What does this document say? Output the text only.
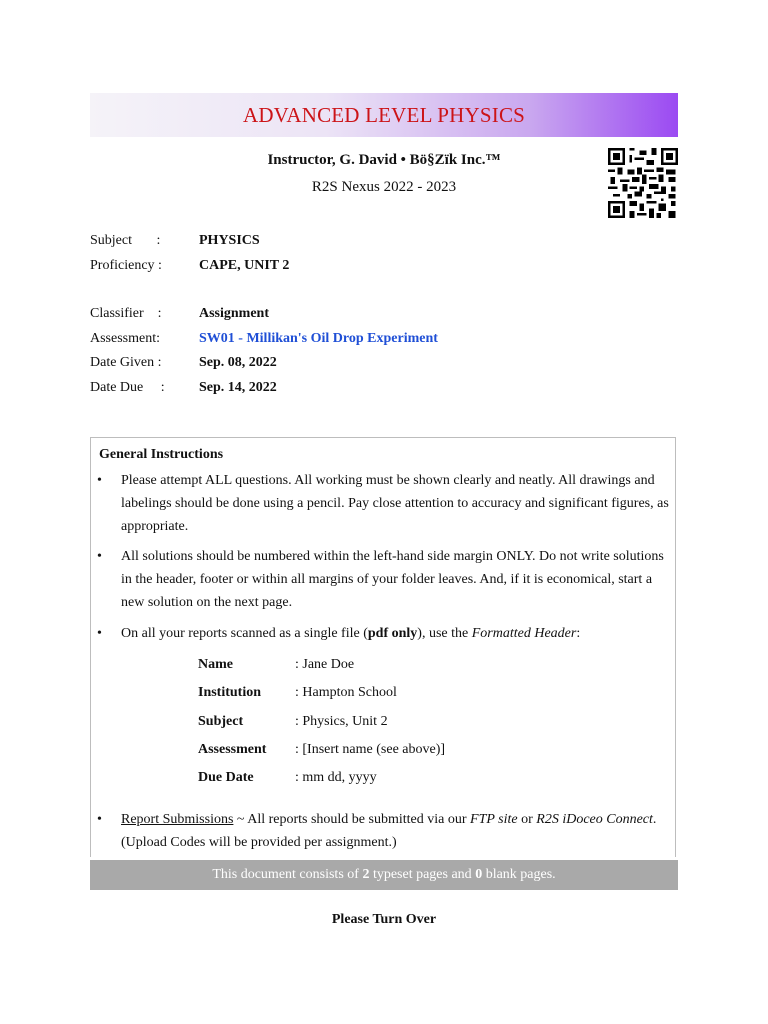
ADVANCED LEVEL PHYSICS
Instructor, G. David • Bö§Zïk Inc.™
R2S Nexus 2022 - 2023
Subject :	PHYSICS
Proficiency :	CAPE, UNIT 2
Classifier :	Assignment
Assessment:	SW01 - Millikan's Oil Drop Experiment
Date Given :	Sep. 08, 2022
Date Due :	Sep. 14, 2022
General Instructions
•	Please attempt ALL questions. All working must be shown clearly and neatly. All drawings and labelings should be done using a pencil. Pay close attention to accuracy and significant figures, as appropriate.
•	All solutions should be numbered within the left-hand side margin ONLY. Do not write solutions in the header, footer or within all margins of your folder leaves. And, if it is economical, start a new solution on the next page.
•	On all your reports scanned as a single file (pdf only), use the Formatted Header:
Name	: Jane Doe
Institution	: Hampton School
Subject	: Physics, Unit 2
Assessment	: [Insert name (see above)]
Due Date	: mm dd, yyyy
•	Report Submissions ~ All reports should be submitted via our FTP site or R2S iDoceo Connect. (Upload Codes will be provided per assignment.)
This document consists of 2 typeset pages and 0 blank pages.
Please Turn Over
